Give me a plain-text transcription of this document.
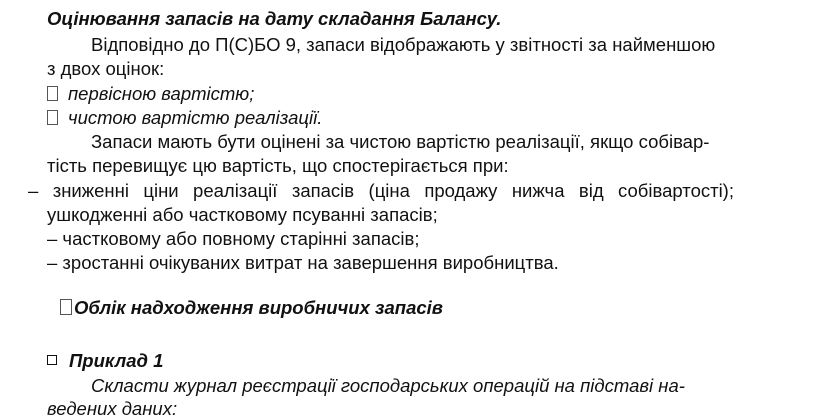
Оцінювання запасів на дату складання Балансу.
Відповідно до П(С)БО 9, запаси відображають у звітності за найменшою
з двох оцінок:
первісною вартістю;
чистою вартістю реалізації.
Запаси мають бути оцінені за чистою вартістю реалізації, якщо собівар-
тість перевищує цю вартість, що спостерігається при:
– зниженні ціни реалізації запасів (ціна продажу нижча від собівартості);
ушкодженні або частковому псуванні запасів;
– частковому або повному старінні запасів;
– зростанні очікуваних витрат на завершення виробництва.
Облік надходження виробничих запасів
Приклад 1
Скласти журнал реєстрації господарських операцій на підставі на-
ведених даних:
